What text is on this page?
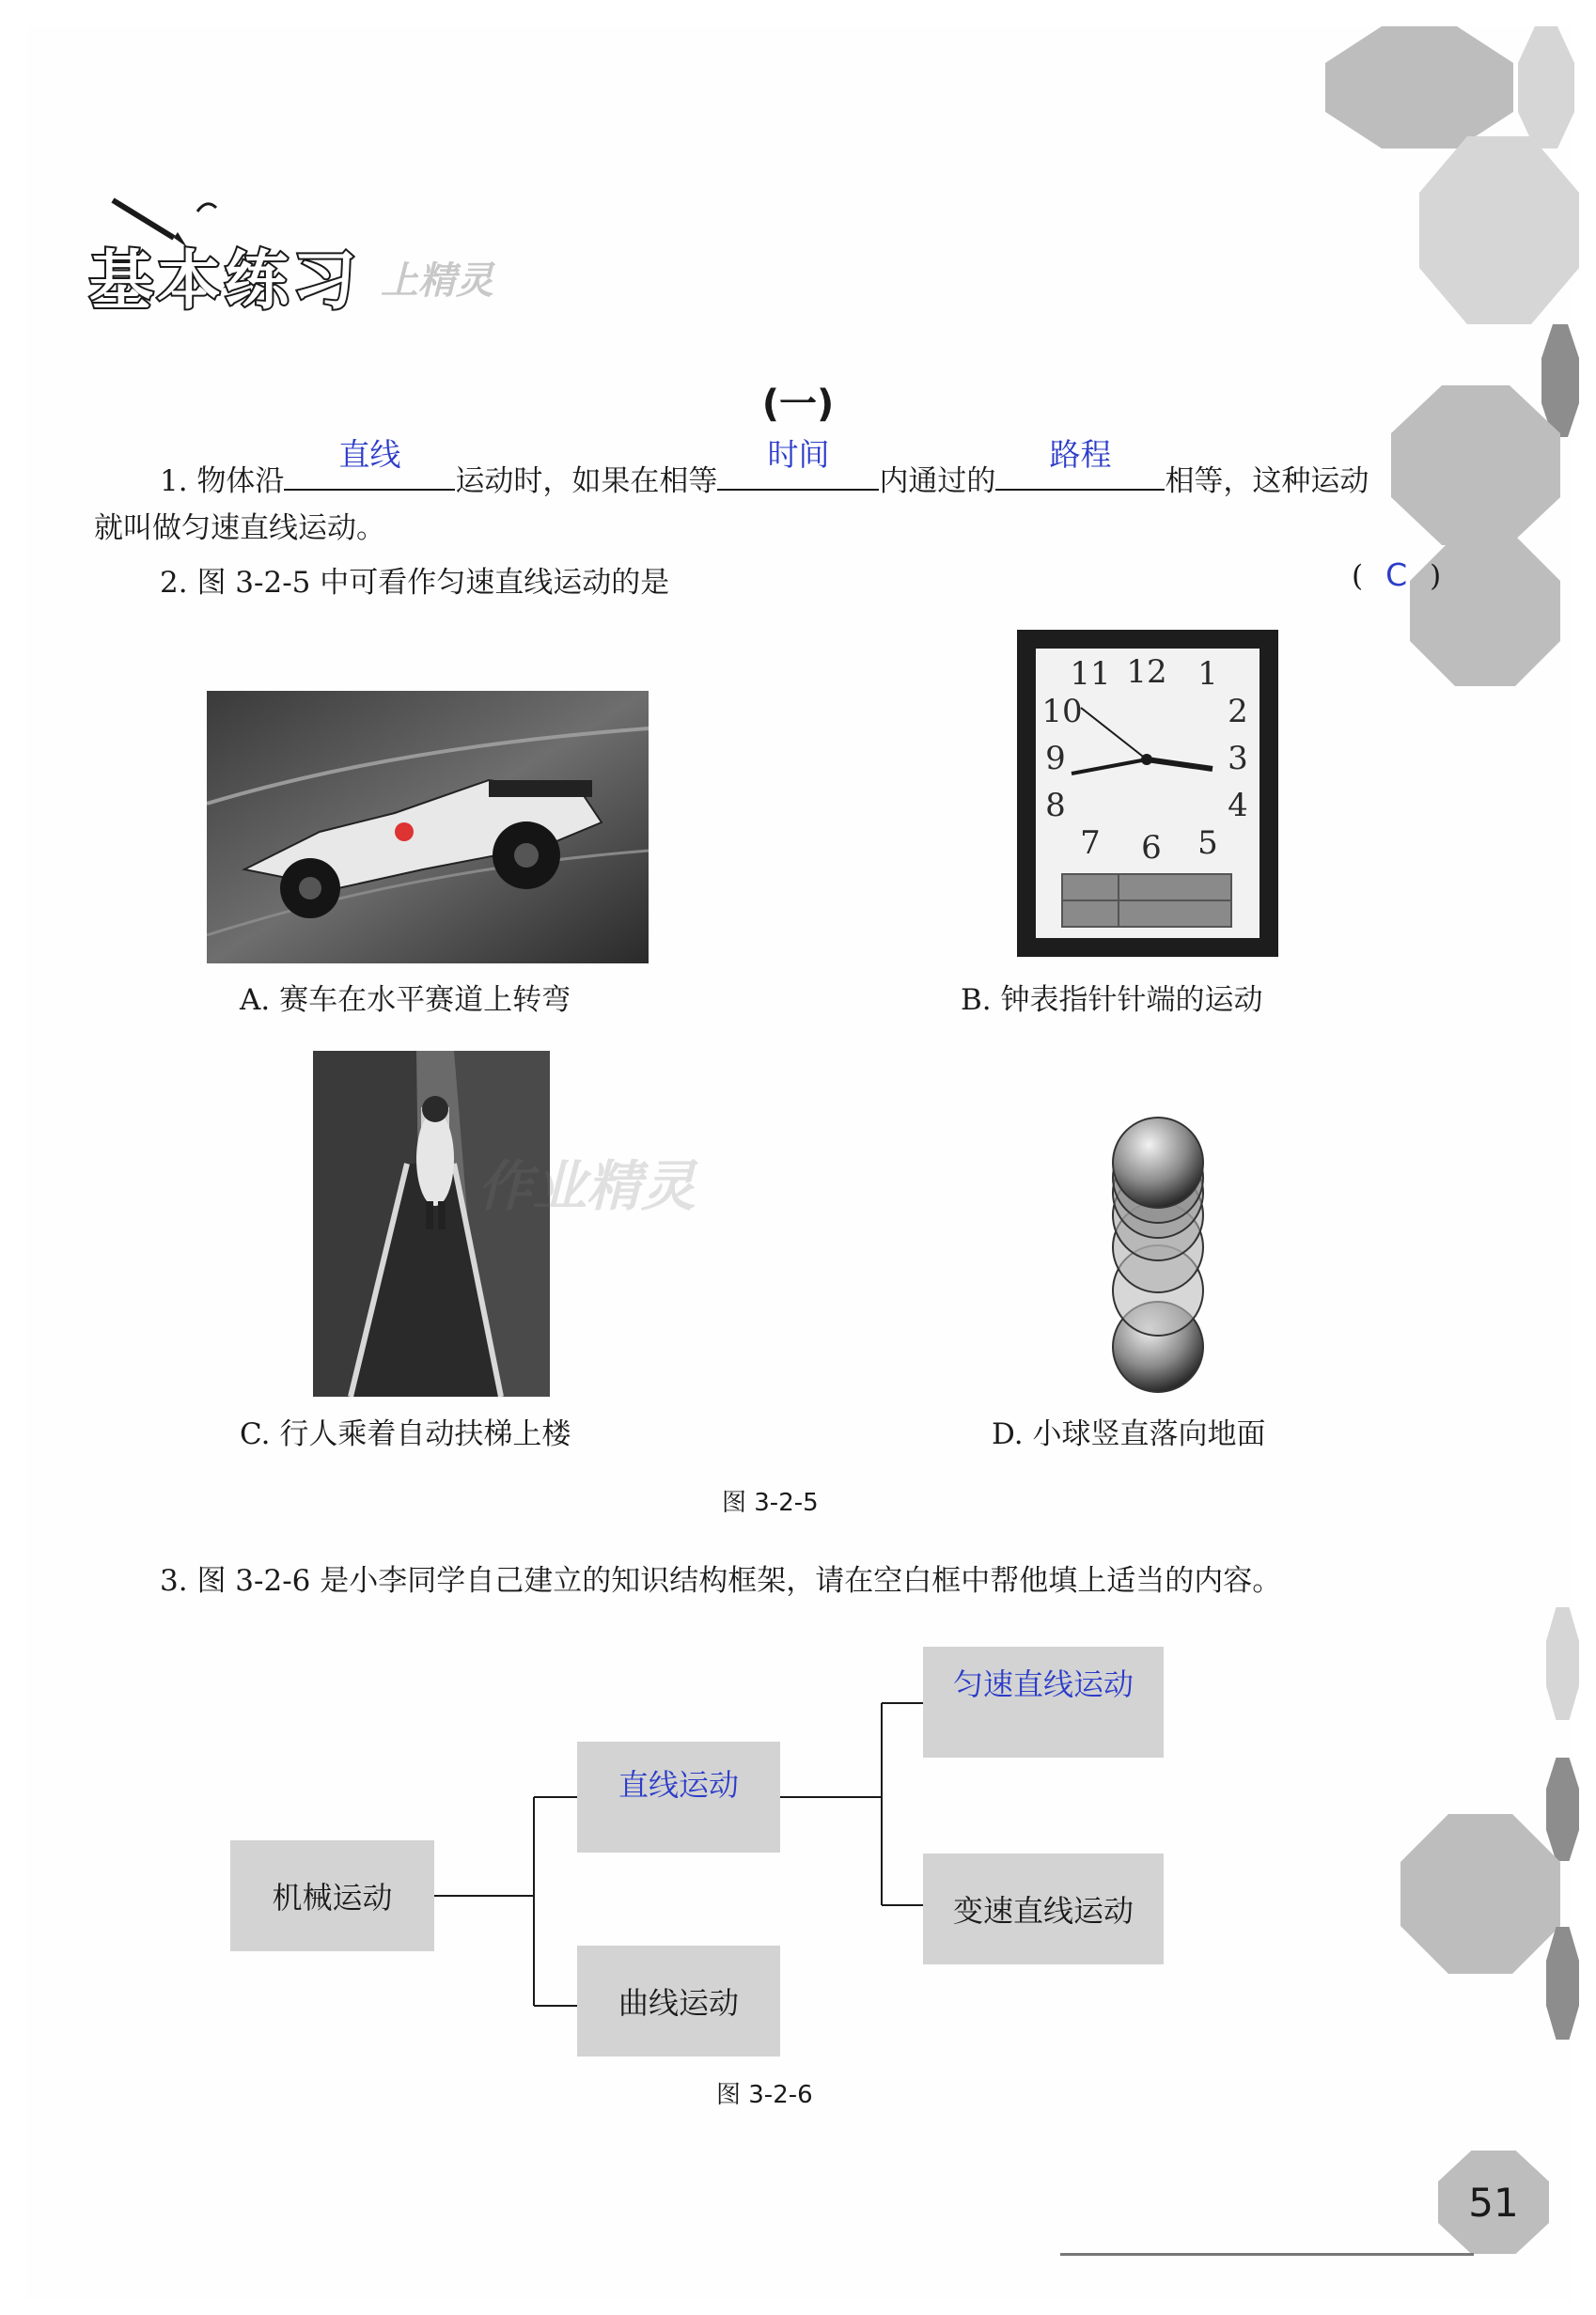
基本练习 上精灵
(一)
1. 物体沿
直线
运动时，如果在相等
时间
内通过的
路程
相等，这种运动
就叫做匀速直线运动。
2. 图 3-2-5 中可看作匀速直线运动的是	( C )
A. 赛车在水平赛道上转弯
11 12 1
2
3
4
5
6
7
8
9
10
B. 钟表指针针端的运动
C. 行人乘着自动扶梯上楼	D. 小球竖直落向地面
作业精灵
图 3-2-5
3. 图 3-2-6 是小李同学自己建立的知识结构框架，请在空白框中帮他填上适当的内容。
机械运动
直线运动
曲线运动
匀速直线运动
变速直线运动
图 3-2-6
51
